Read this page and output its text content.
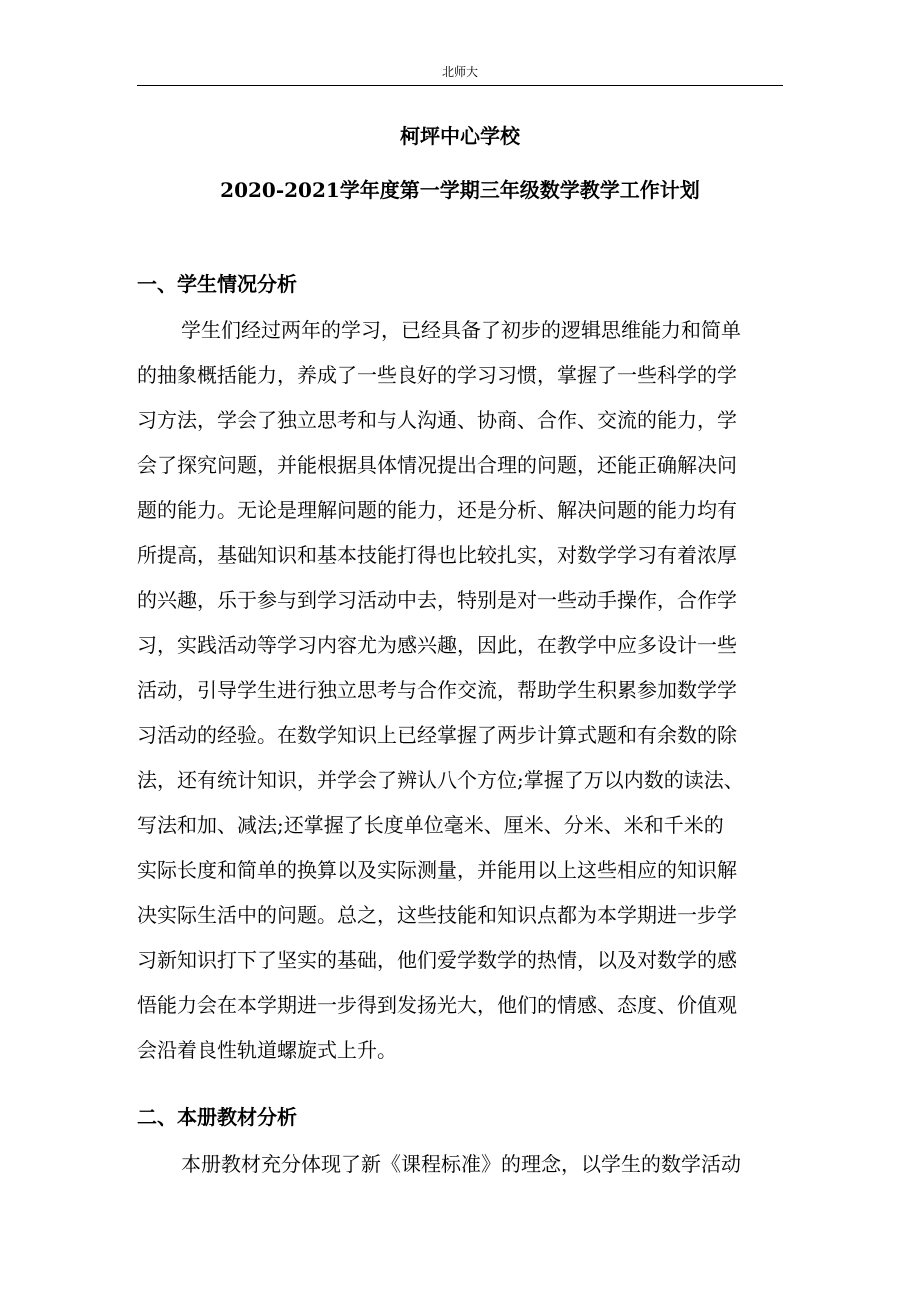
北师大
柯坪中心学校
2020-2021学年度第一学期三年级数学教学工作计划
一、学生情况分析
学生们经过两年的学习，已经具备了初步的逻辑思维能力和简单
的抽象概括能力，养成了一些良好的学习习惯，掌握了一些科学的学
习方法，学会了独立思考和与人沟通、协商、合作、交流的能力，学
会了探究问题，并能根据具体情况提出合理的问题，还能正确解决问
题的能力。无论是理解问题的能力，还是分析、解决问题的能力均有
所提高，基础知识和基本技能打得也比较扎实，对数学学习有着浓厚
的兴趣，乐于参与到学习活动中去，特别是对一些动手操作，合作学
习，实践活动等学习内容尤为感兴趣，因此，在教学中应多设计一些
活动，引导学生进行独立思考与合作交流，帮助学生积累参加数学学
习活动的经验。在数学知识上已经掌握了两步计算式题和有余数的除
法，还有统计知识，并学会了辨认八个方位;掌握了万以内数的读法、
写法和加、减法;还掌握了长度单位毫米、厘米、分米、米和千米的
实际长度和简单的换算以及实际测量，并能用以上这些相应的知识解
决实际生活中的问题。总之，这些技能和知识点都为本学期进一步学
习新知识打下了坚实的基础，他们爱学数学的热情，以及对数学的感
悟能力会在本学期进一步得到发扬光大，他们的情感、态度、价值观
会沿着良性轨道螺旋式上升。
二、本册教材分析
本册教材充分体现了新《课程标准》的理念，以学生的数学活动
